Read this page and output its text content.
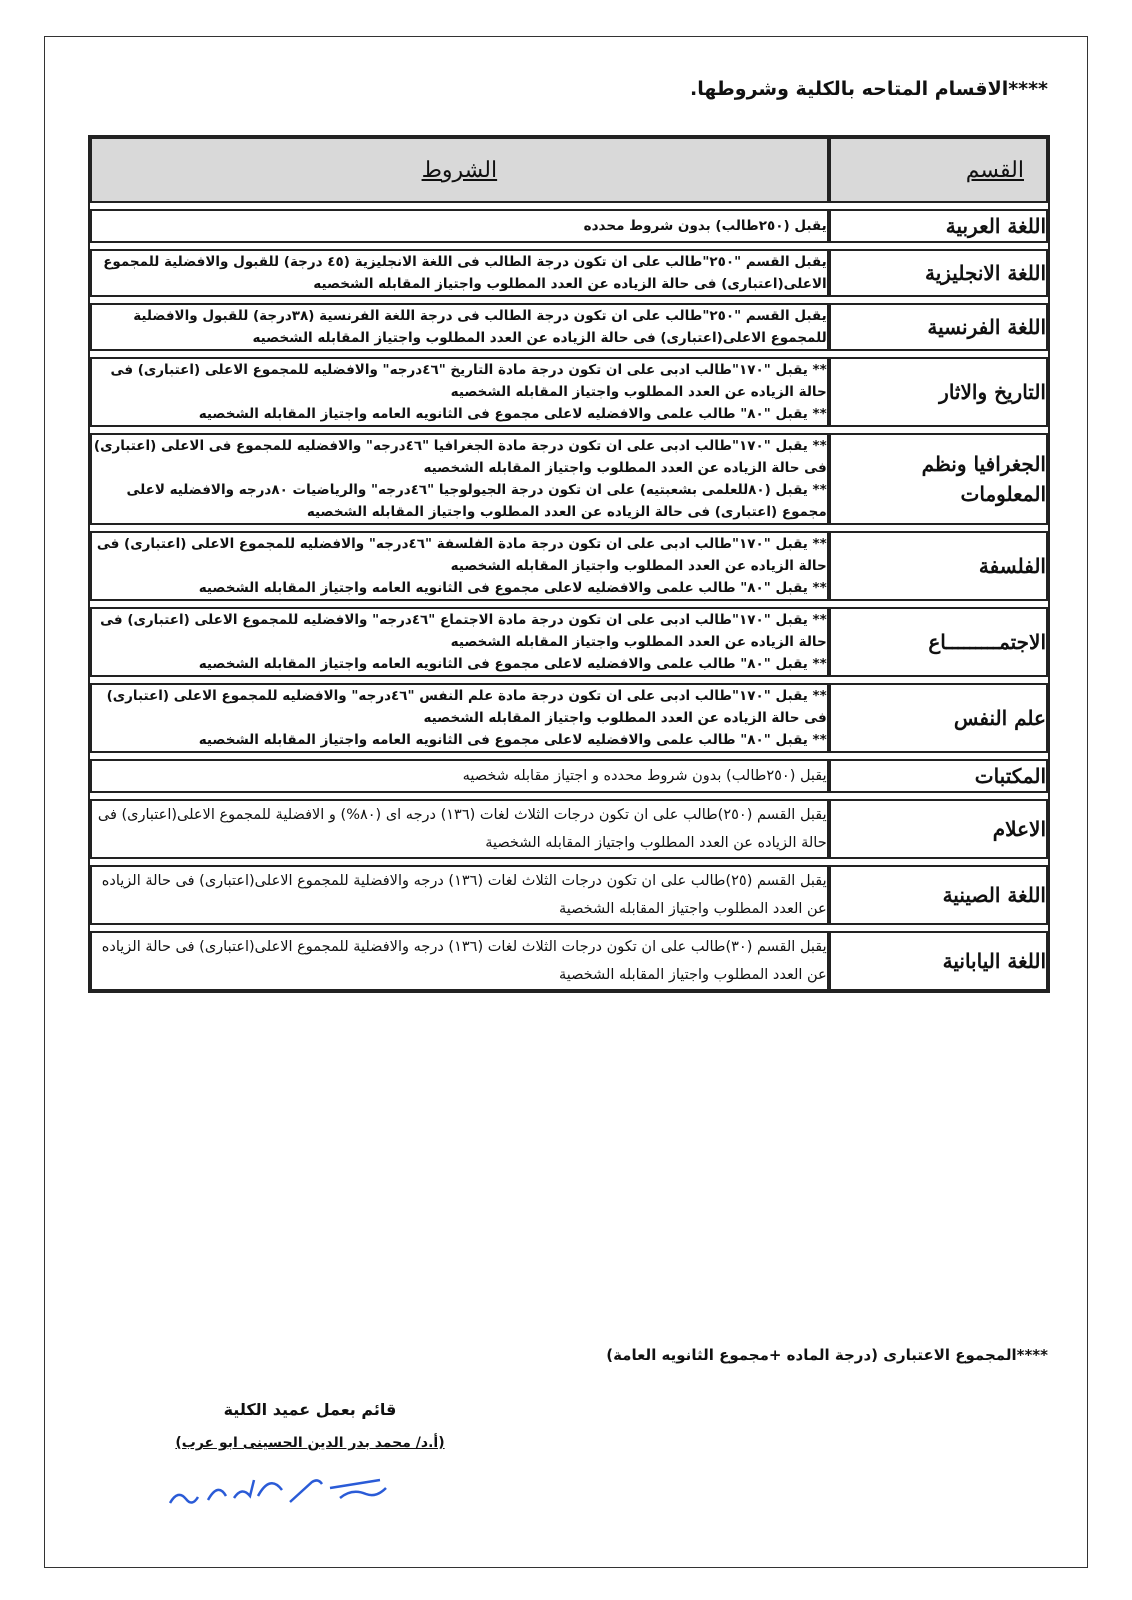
****الاقسام المتاحه بالكلية وشروطها.
القسم	الشروط

اللغة العربية	يقبل (٢٥٠طالب) بدون شروط محدده

اللغة الانجليزية	يقبل القسم "٢٥٠"طالب على ان تكون درجة الطالب فى اللغة الانجليزية (٤٥ درجة) للقبول والافضلية للمجموع الاعلى(اعتبارى) فى حالة الزياده عن العدد المطلوب واجتياز المقابله الشخصيه

اللغة الفرنسية	يقبل القسم "٢٥٠"طالب على ان تكون درجة الطالب فى درجة اللغة الفرنسية (٣٨درجة) للقبول والافضلية للمجموع الاعلى(اعتبارى) فى حالة الزياده عن العدد المطلوب واجتياز المقابله الشخصيه

التاريخ والاثار	** يقبل "١٧٠"طالب ادبى على ان تكون درجة مادة التاريخ "٤٦درجه" والافضليه للمجموع الاعلى (اعتبارى) فى حالة الزياده عن العدد المطلوب واجتياز المقابله الشخصيه

** يقبل "٨٠" طالب علمى والافضليه لاعلى مجموع فى الثانويه العامه واجتياز المقابله الشخصيه

الجغرافيا ونظم المعلومات	** يقبل "١٧٠"طالب ادبى على ان تكون درجة مادة الجغرافيا "٤٦درجه" والافضليه للمجموع فى الاعلى (اعتبارى) فى حالة الزياده عن العدد المطلوب واجتياز المقابله الشخصيه

** يقبل (٨٠للعلمى بشعبتيه) على ان تكون درجة الجيولوجيا "٤٦درجه" والرياضيات ٨٠درجه والافضليه لاعلى مجموع (اعتبارى) فى حالة الزياده عن العدد المطلوب واجتياز المقابله الشخصيه

الفلسفة	** يقبل "١٧٠"طالب ادبى على ان تكون درجة مادة الفلسفة "٤٦درجه" والافضليه للمجموع الاعلى (اعتبارى) فى حالة الزياده عن العدد المطلوب واجتياز المقابله الشخصيه

** يقبل "٨٠" طالب علمى والافضليه لاعلى مجموع فى الثانويه العامه واجتياز المقابله الشخصيه

الاجتمـــــــــاع	** يقبل "١٧٠"طالب ادبى على ان تكون درجة مادة الاجتماع "٤٦درجه" والافضليه للمجموع الاعلى (اعتبارى) فى حالة الزياده عن العدد المطلوب واجتياز المقابله الشخصيه

** يقبل "٨٠" طالب علمى والافضليه لاعلى مجموع فى الثانويه العامه واجتياز المقابله الشخصيه

علم النفس	** يقبل "١٧٠"طالب ادبى على ان تكون درجة مادة علم النفس "٤٦درجه" والافضليه للمجموع الاعلى (اعتبارى) فى حالة الزياده عن العدد المطلوب واجتياز المقابله الشخصيه

** يقبل "٨٠" طالب علمى والافضليه لاعلى مجموع فى الثانويه العامه واجتياز المقابله الشخصيه

المكتبات	يقبل (٢٥٠طالب) بدون شروط محدده و اجتياز مقابله شخصيه

الاعلام	يقبل القسم (٢٥٠)طالب على ان تكون درجات الثلاث لغات (١٣٦) درجه اى (٨٠%) و الافضلية للمجموع الاعلى(اعتبارى) فى حالة الزياده عن العدد المطلوب واجتياز المقابله الشخصية

اللغة الصينية	يقبل القسم (٢٥)طالب على ان تكون درجات الثلاث لغات (١٣٦) درجه والافضلية للمجموع الاعلى(اعتبارى) فى حالة الزياده عن العدد المطلوب واجتياز المقابله الشخصية

اللغة اليابانية	يقبل القسم (٣٠)طالب على ان تكون درجات الثلاث لغات (١٣٦) درجه والافضلية للمجموع الاعلى(اعتبارى) فى حالة الزياده عن العدد المطلوب واجتياز المقابله الشخصية

****المجموع الاعتبارى (درجة الماده +مجموع الثانويه العامة)
قائم بعمل عميد الكلية
(أ.د/ محمد بدر الدين الحسينى ابو عرب)
